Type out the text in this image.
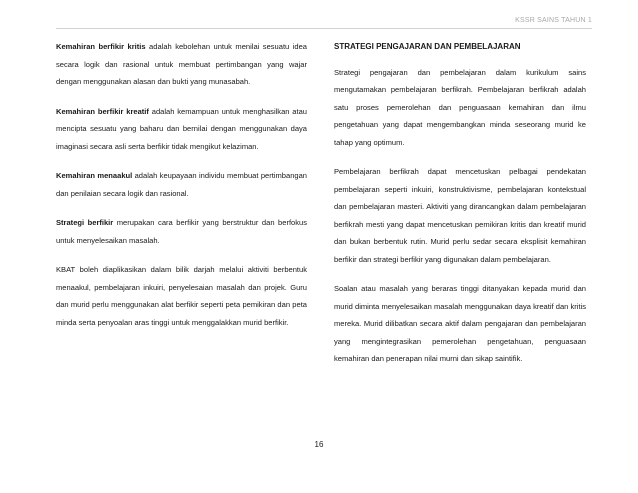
KSSR SAINS TAHUN 1

Kemahiran berfikir kritis adalah kebolehan untuk menilai sesuatu idea secara logik dan rasional untuk membuat pertimbangan yang wajar dengan menggunakan alasan dan bukti yang munasabah.

Kemahiran berfikir kreatif adalah kemampuan untuk menghasilkan atau mencipta sesuatu yang baharu dan bernilai dengan menggunakan daya imaginasi secara asli serta berfikir tidak mengikut kelaziman.

Kemahiran menaakul adalah keupayaan individu membuat pertimbangan dan penilaian secara logik dan rasional.

Strategi berfikir merupakan cara berfikir yang berstruktur dan berfokus untuk menyelesaikan masalah.

KBAT boleh diaplikasikan dalam bilik darjah melalui aktiviti berbentuk menaakul, pembelajaran inkuiri, penyelesaian masalah dan projek. Guru dan murid perlu menggunakan alat berfikir seperti peta pemikiran dan peta minda serta penyoalan aras tinggi untuk menggalakkan murid berfikir.

STRATEGI PENGAJARAN DAN PEMBELAJARAN

Strategi pengajaran dan pembelajaran dalam kurikulum sains mengutamakan pembelajaran berfikrah. Pembelajaran berfikrah adalah satu proses pemerolehan dan penguasaan kemahiran dan ilmu pengetahuan yang dapat mengembangkan minda seseorang murid ke tahap yang optimum.

Pembelajaran berfikrah dapat mencetuskan pelbagai pendekatan pembelajaran seperti inkuiri, konstruktivisme, pembelajaran kontekstual dan pembelajaran masteri. Aktiviti yang dirancangkan dalam pembelajaran berfikrah mesti yang dapat mencetuskan pemikiran kritis dan kreatif murid dan bukan berbentuk rutin. Murid perlu sedar secara eksplisit kemahiran berfikir dan strategi berfikir yang digunakan dalam pembelajaran.

Soalan atau masalah yang beraras tinggi ditanyakan kepada murid dan murid diminta menyelesaikan masalah menggunakan daya kreatif dan kritis mereka. Murid dilibatkan secara aktif dalam pengajaran dan pembelajaran yang mengintegrasikan pemerolehan pengetahuan, penguasaan kemahiran dan penerapan nilai murni dan sikap saintifik.

16
